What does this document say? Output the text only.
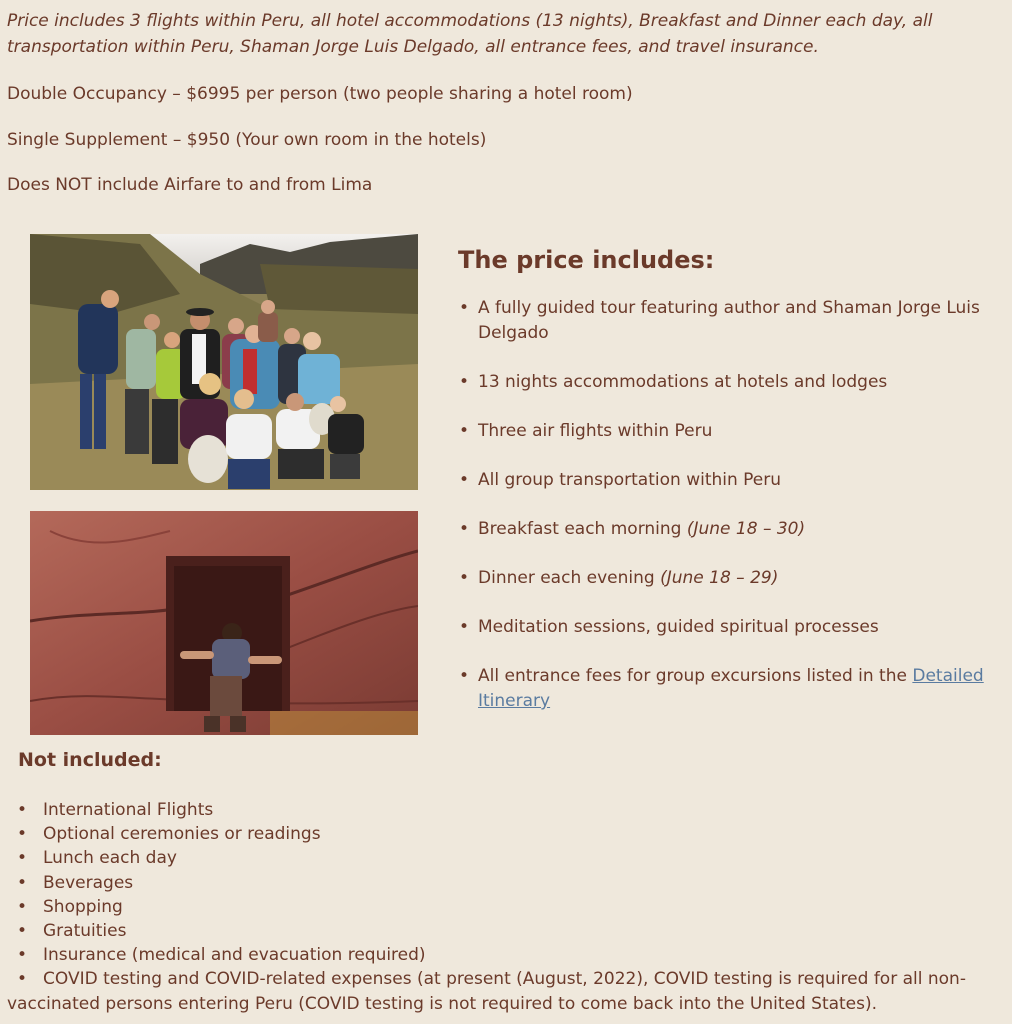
Price includes 3 flights within Peru, all hotel accommodations (13 nights), Breakfast and Dinner each day, all transportation within Peru, Shaman Jorge Luis Delgado, all entrance fees, and travel insurance.

Double Occupancy – $6995 per person (two people sharing a hotel room)

Single Supplement – $950 (Your own room in the hotels)

Does NOT include Airfare to and from Lima

The price includes:
• A fully guided tour featuring author and Shaman Jorge Luis Delgado
• 13 nights accommodations at hotels and lodges
• Three air flights within Peru
• All group transportation within Peru
• Breakfast each morning (June 18 – 30)
• Dinner each evening (June 18 – 29)
• Meditation sessions, guided spiritual processes
• All entrance fees for group excursions listed in the Detailed Itinerary
Not included:
• International Flights
• Optional ceremonies or readings
• Lunch each day
• Beverages
• Shopping
• Gratuities
• Insurance (medical and evacuation required)
• COVID testing and COVID-related expenses (at present (August, 2022), COVID testing is required for all non-vaccinated persons entering Peru (COVID testing is not required to come back into the United States).
